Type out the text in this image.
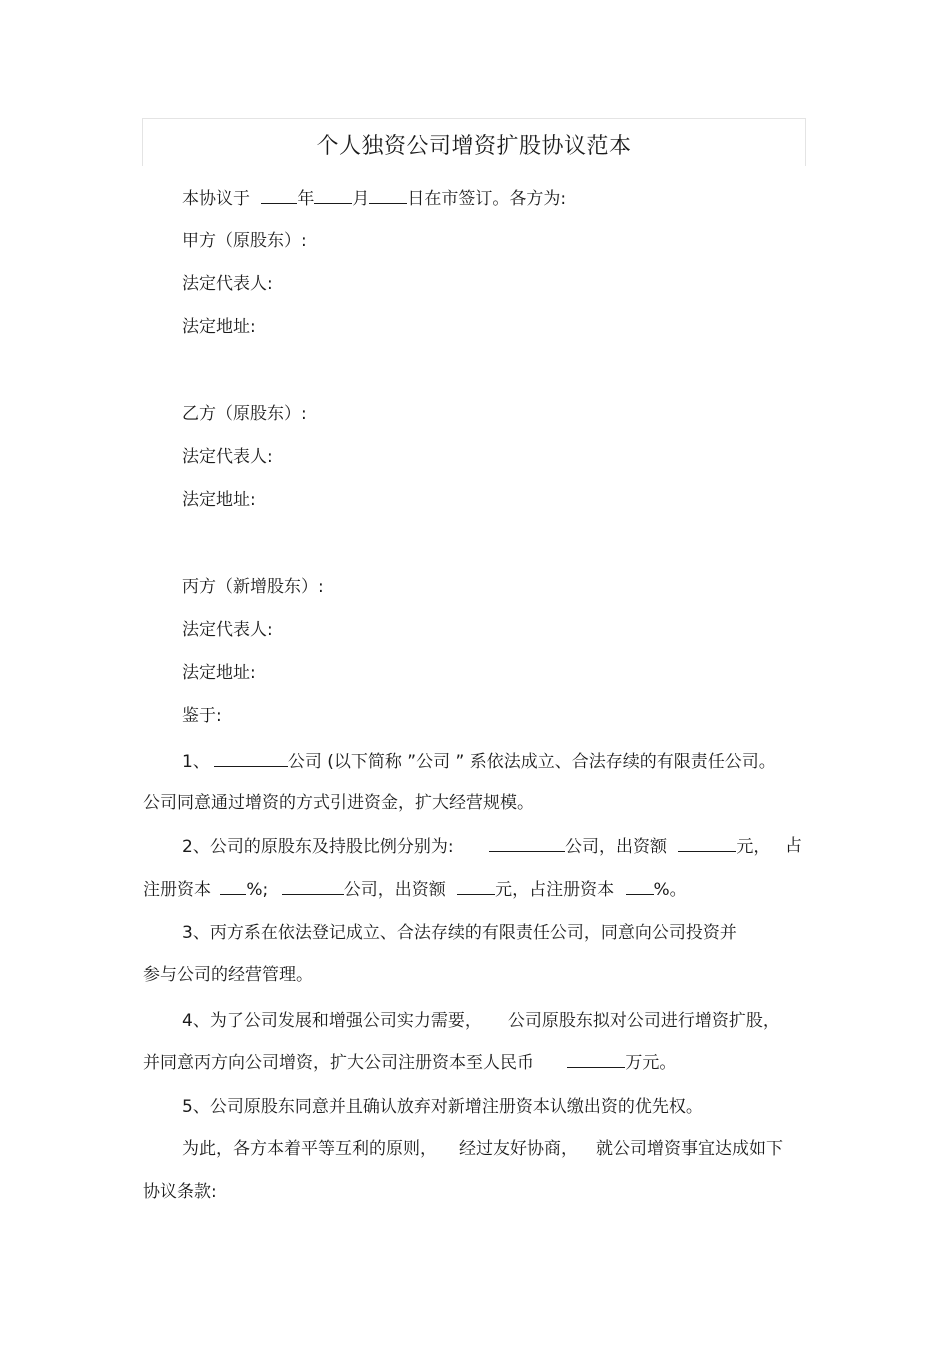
个人独资公司增资扩股协议范本
本协议于	年 月 日在市签订。各方为:
甲方（原股东）:
法定代表人:
法定地址:
乙方（原股东）:
法定代表人:
法定地址:
丙方（新增股东）:
法定代表人:
法定地址:
鉴于:
1、	公司 (以下简称 ”公司 ” 系依法成立、合法存续的有限责任公司。
公司同意通过增资的方式引进资金，扩大经营规模。
2、公司的原股东及持股比例分别为:	公司，出资额	元， 占
注册资本 %;	公司，出资额	元，占注册资本 %。
3、丙方系在依法登记成立、合法存续的有限责任公司，同意向公司投资并
参与公司的经营管理。
4、为了公司发展和增强公司实力需要， 公司原股东拟对公司进行增资扩股，
并同意丙方向公司增资，扩大公司注册资本至人民币	万元。
5、公司原股东同意并且确认放弃对新增注册资本认缴出资的优先权。
为此，各方本着平等互利的原则， 经过友好协商， 就公司增资事宜达成如下
协议条款:
